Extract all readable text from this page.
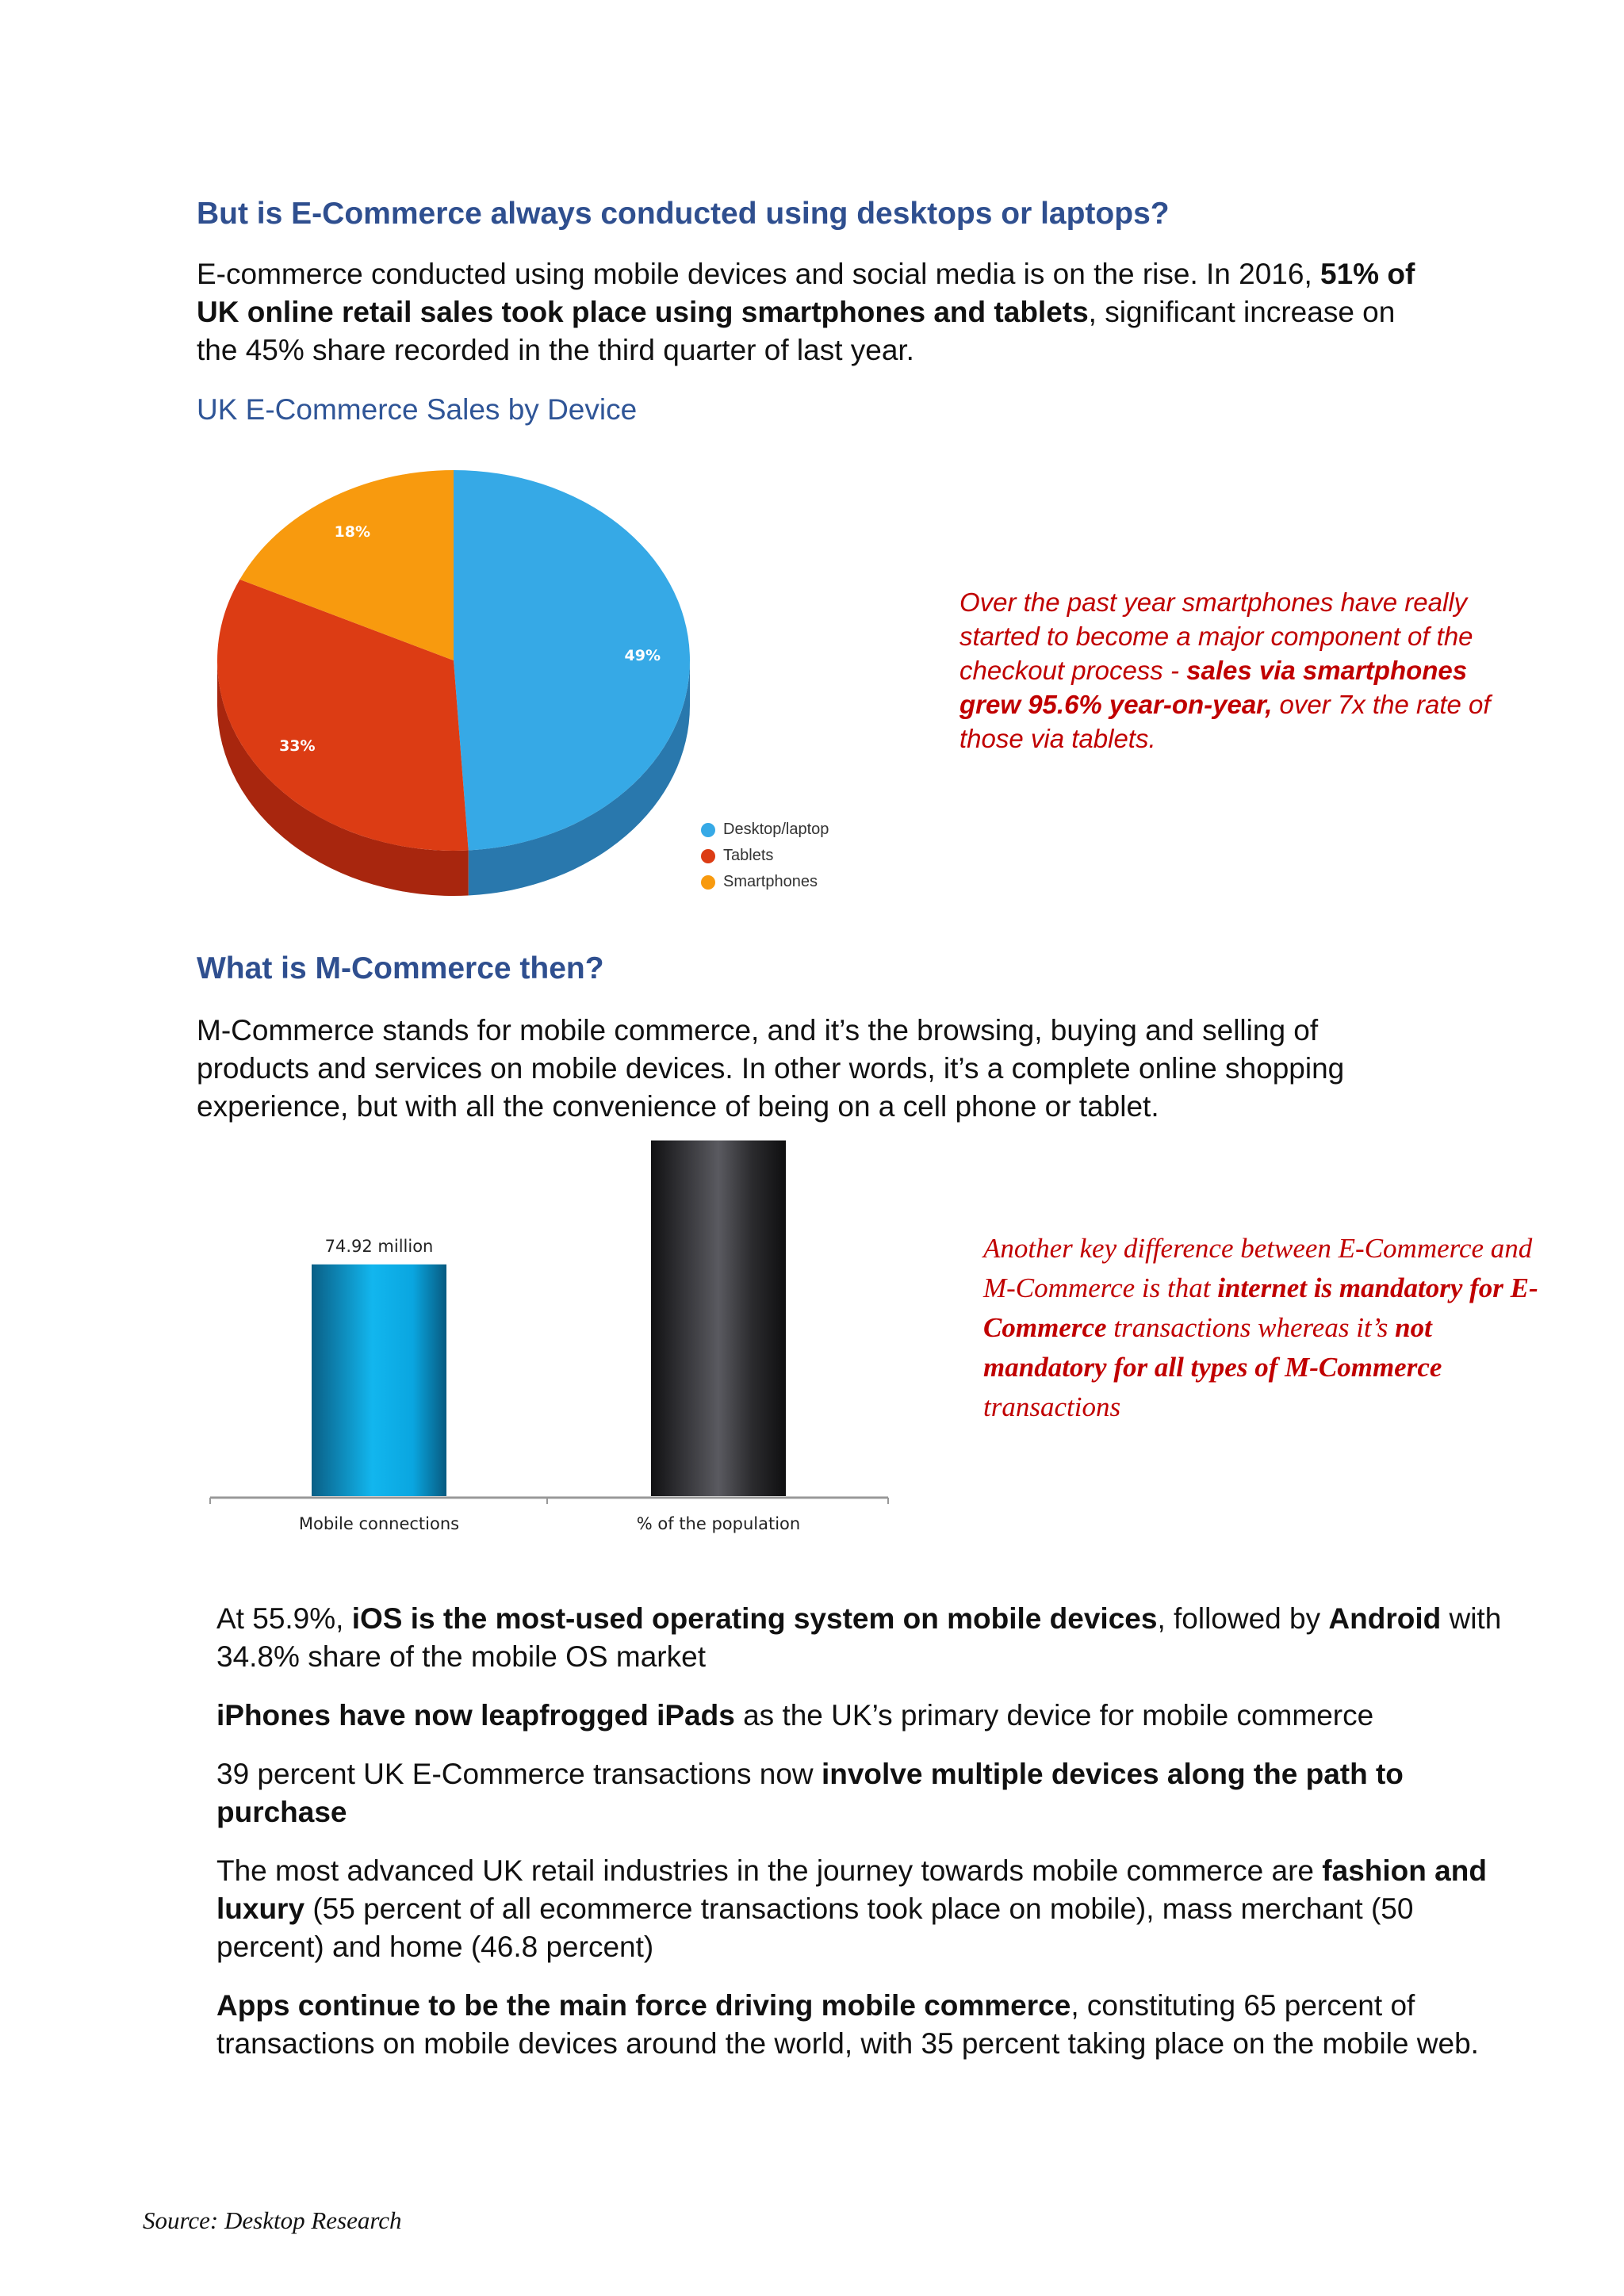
But is E-Commerce always conducted using desktops or laptops?
E-commerce conducted using mobile devices and social media is on the rise. In 2016, 51% of UK online retail sales took place using smartphones and tablets, significant increase on the 45% share recorded in the third quarter of last year.
UK E-Commerce Sales by Device
49%
33%
18%
Desktop/laptop
Tablets
Smartphones
Over the past year smartphones have really started to become a major component of the checkout process - sales via smartphones grew 95.6% year-on-year, over 7x the rate of those via tablets.
What is M-Commerce then?
M-Commerce stands for mobile commerce, and it’s the browsing, buying and selling of products and services on mobile devices. In other words, it’s a complete online shopping experience, but with all the convenience of being on a cell phone or tablet.
74.92 million
Mobile connections	% of the population
Another key difference between E-Commerce and M-Commerce is that internet is mandatory for E-Commerce transactions whereas it’s not mandatory for all types of M-Commerce transactions

At 55.9%, iOS is the most-used operating system on mobile devices, followed by Android with 34.8% share of the mobile OS market

iPhones have now leapfrogged iPads as the UK’s primary device for mobile commerce

39 percent UK E-Commerce transactions now involve multiple devices along the path to purchase

The most advanced UK retail industries in the journey towards mobile commerce are fashion and luxury (55 percent of all ecommerce transactions took place on mobile), mass merchant (50 percent) and home (46.8 percent)

Apps continue to be the main force driving mobile commerce, constituting 65 percent of transactions on mobile devices around the world, with 35 percent taking place on the mobile web.

Source: Desktop Research
